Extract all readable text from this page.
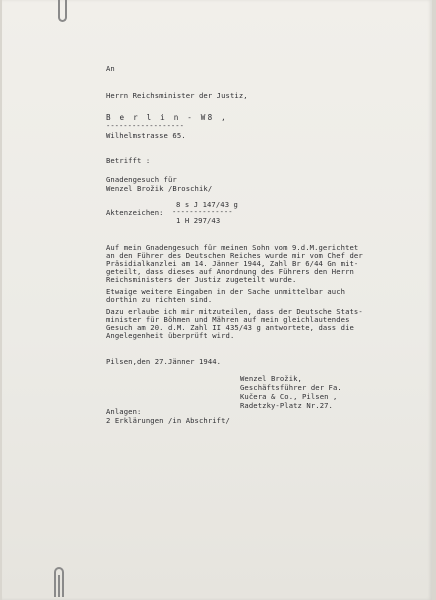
An
Herrn Reichsminister der Justiz,
B e r l i n - W8 ,
------------------
Wilhelmstrasse 65.
Betrifft :
Gnadengesuch für
Wenzel Brožik /Broschik/
8 s J 147/43 g
Aktenzeichen: --------------
1 H 297/43
Auf mein Gnadengesuch für meinen Sohn vom 9.d.M.gerichtet
an den Führer des Deutschen Reiches wurde mir vom Chef der
Präsidialkanzlei am 14. Jänner 1944, Zahl Br 6/44 Gn mit-
geteilt, dass dieses auf Anordnung des Führers den Herrn
Reichsministers der Justiz zugeteilt wurde.
Etwaige weitere Eingaben in der Sache unmittelbar auch
dorthin zu richten sind.
Dazu erlaube ich mir mitzuteilen, dass der Deutsche Stats-
minister für Böhmen und Mähren auf mein gleichlautendes
Gesuch am 20. d.M. Zahl II 435/43 g antwortete, dass die
Angelegenheit überprüft wird.
Pilsen,den 27.Jänner 1944.
Wenzel Brožik,
Geschäftsführer der Fa.
Kučera & Co., Pilsen ,
Radetzky-Platz Nr.27.
Anlagen:
2 Erklärungen /in Abschrift/
